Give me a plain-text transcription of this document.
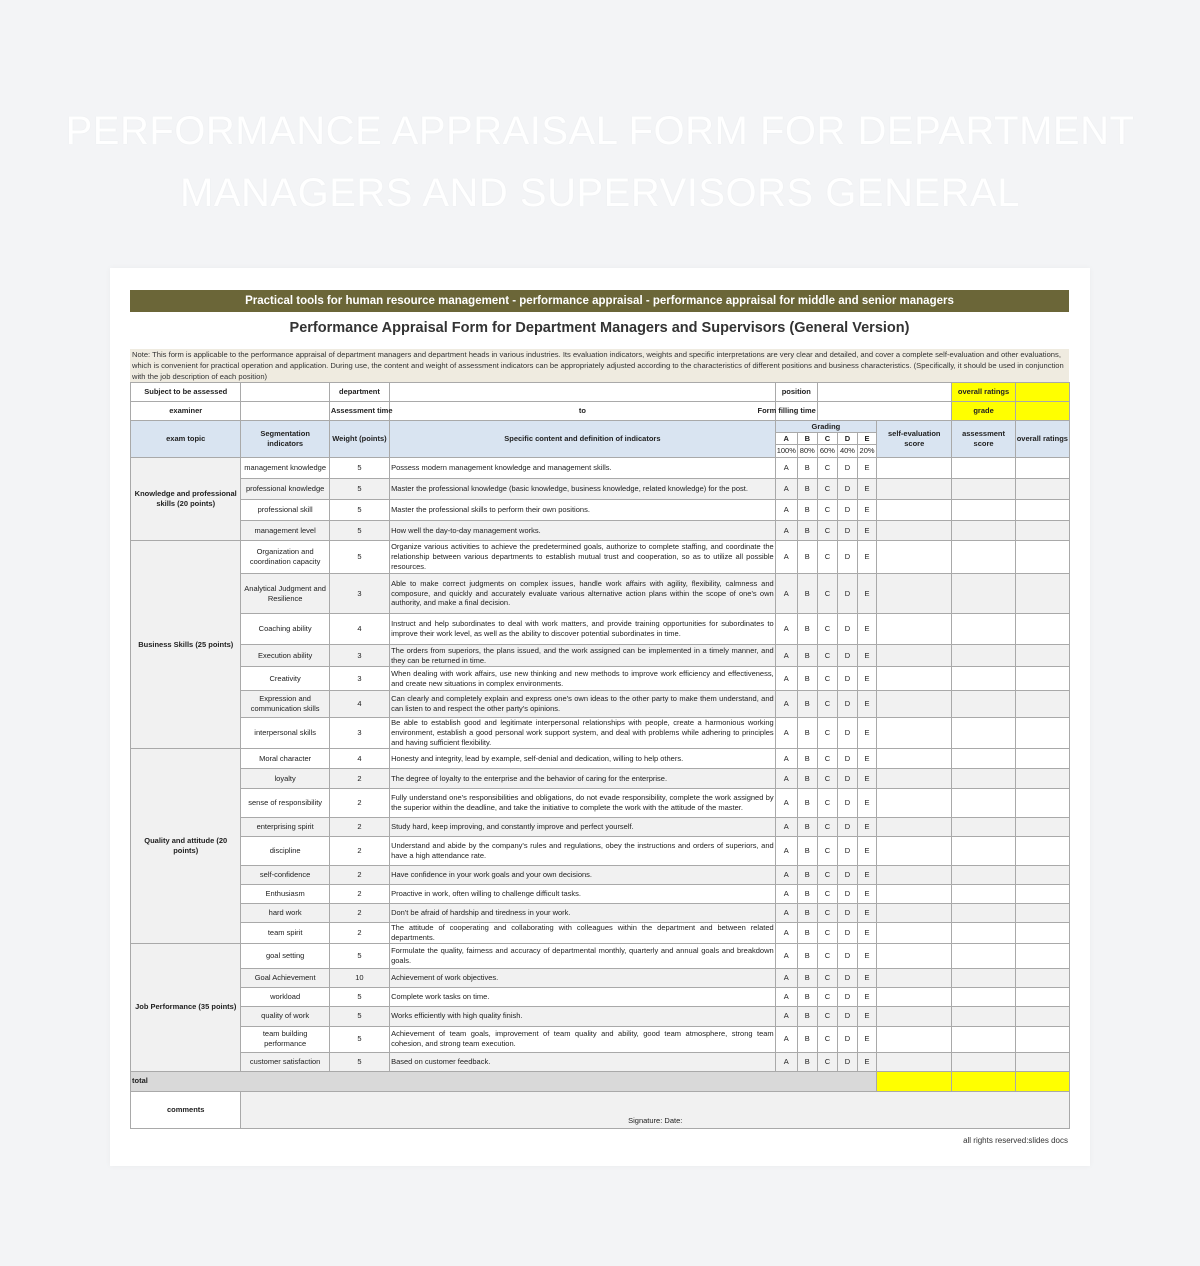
PERFORMANCE APPRAISAL FORM FOR DEPARTMENT
MANAGERS AND SUPERVISORS GENERAL
Practical tools for human resource management - performance appraisal - performance appraisal for middle and senior managers
Performance Appraisal Form for Department Managers and Supervisors (General Version)
Note: This form is applicable to the performance appraisal of department managers and department heads in various industries. Its evaluation indicators, weights and specific interpretations are very clear and detailed, and cover a complete self-evaluation and other evaluations, which is convenient for practical operation and application. During use, the content and weight of assessment indicators can be appropriately adjusted according to the characteristics of different positions and business characteristics. (Specifically, it should be used in conjunction with the job description of each position)
Subject to be assessed		department		position						overall ratings	
examiner		Assessment time	to	Form filling time						grade	
exam topic	Segmentation indicators	Weight (points)	Specific content and definition of indicators	Grading					self-evaluation score	assessment score	overall ratings
				A	B	C	D	E			
				100%	80%	60%	40%	20%			
Knowledge and professional skills (20 points)	management knowledge	5	Possess modern management knowledge and management skills.	A	B	C	D	E			
	professional knowledge	5	Master the professional knowledge (basic knowledge, business knowledge, related knowledge) for the post.	A	B	C	D	E			
	professional skill	5	Master the professional skills to perform their own positions.	A	B	C	D	E			
	management level	5	How well the day-to-day management works.	A	B	C	D	E			
Business Skills (25 points)	Organization and coordination capacity	5	Organize various activities to achieve the predetermined goals, authorize to complete staffing, and coordinate the relationship between various departments to establish mutual trust and cooperation, so as to utilize all possible resources.	A	B	C	D	E			
	Analytical Judgment and Resilience	3	Able to make correct judgments on complex issues, handle work affairs with agility, flexibility, calmness and composure, and quickly and accurately evaluate various alternative action plans within the scope of one's own authority, and make a final decision.	A	B	C	D	E			
	Coaching ability	4	Instruct and help subordinates to deal with work matters, and provide training opportunities for subordinates to improve their work level, as well as the ability to discover potential subordinates in time.	A	B	C	D	E			
	Execution ability	3	The orders from superiors, the plans issued, and the work assigned can be implemented in a timely manner, and they can be returned in time.	A	B	C	D	E			
	Creativity	3	When dealing with work affairs, use new thinking and new methods to improve work efficiency and effectiveness, and create new situations in complex environments.	A	B	C	D	E			
	Expression and communication skills	4	Can clearly and completely explain and express one's own ideas to the other party to make them understand, and can listen to and respect the other party's opinions.	A	B	C	D	E			
	interpersonal skills	3	Be able to establish good and legitimate interpersonal relationships with people, create a harmonious working environment, establish a good personal work support system, and deal with problems while adhering to principles and having sufficient flexibility.	A	B	C	D	E			
Quality and attitude (20 points)	Moral character	4	Honesty and integrity, lead by example, self-denial and dedication, willing to help others.	A	B	C	D	E			
	loyalty	2	The degree of loyalty to the enterprise and the behavior of caring for the enterprise.	A	B	C	D	E			
	sense of responsibility	2	Fully understand one's responsibilities and obligations, do not evade responsibility, complete the work assigned by the superior within the deadline, and take the initiative to complete the work with the attitude of the master.	A	B	C	D	E			
	enterprising spirit	2	Study hard, keep improving, and constantly improve and perfect yourself.	A	B	C	D	E			
	discipline	2	Understand and abide by the company's rules and regulations, obey the instructions and orders of superiors, and have a high attendance rate.	A	B	C	D	E			
	self-confidence	2	Have confidence in your work goals and your own decisions.	A	B	C	D	E			
	Enthusiasm	2	Proactive in work, often willing to challenge difficult tasks.	A	B	C	D	E			
	hard work	2	Don't be afraid of hardship and tiredness in your work.	A	B	C	D	E			
	team spirit	2	The attitude of cooperating and collaborating with colleagues within the department and between related departments.	A	B	C	D	E			
Job Performance (35 points)	goal setting	5	Formulate the quality, fairness and accuracy of departmental monthly, quarterly and annual goals and breakdown goals.	A	B	C	D	E			
	Goal Achievement	10	Achievement of work objectives.	A	B	C	D	E			
	workload	5	Complete work tasks on time.	A	B	C	D	E			
	quality of work	5	Works efficiently with high quality finish.	A	B	C	D	E			
	team building performance	5	Achievement of team goals, improvement of team quality and ability, good team atmosphere, strong team cohesion, and strong team execution.	A	B	C	D	E			
	customer satisfaction	5	Based on customer feedback.	A	B	C	D	E			
total											
comments	Signature: Date:										
all rights reserved:slides docs
